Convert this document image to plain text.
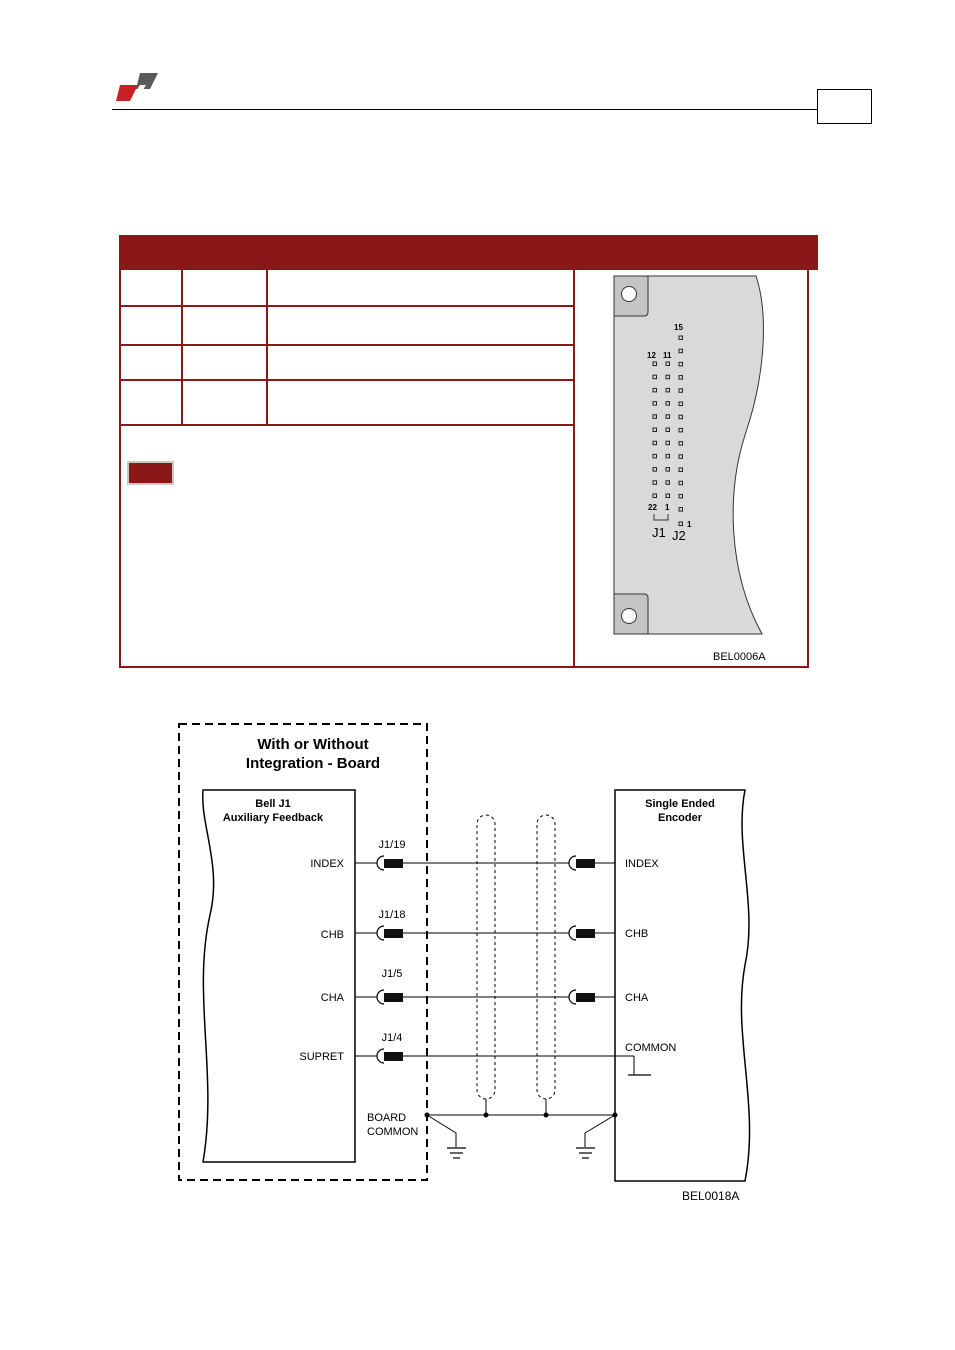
15
12 11
22 1
1
J1 J2
BEL0006A
With or Without
Integration - Board
Bell J1
Auxiliary Feedback
Single Ended
Encoder
INDEX
J1/19
INDEX
CHB
J1/18
CHB
CHA
J1/5
CHA
SUPRET
J1/4
COMMON
BOARD
COMMON
BEL0018A
